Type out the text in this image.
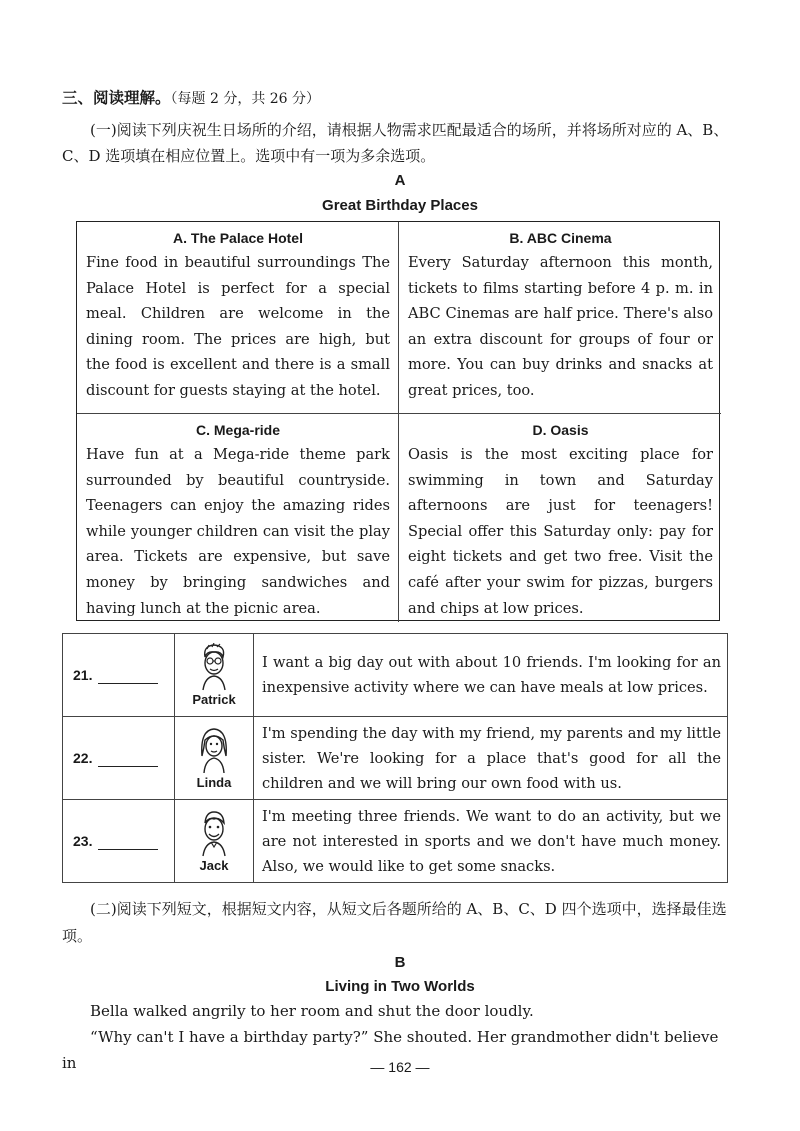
三、阅读理解。（每题 2 分，共 26 分）
(一)阅读下列庆祝生日场所的介绍，请根据人物需求匹配最适合的场所，并将场所对应的 A、B、C、D 选项填在相应位置上。选项中有一项为多余选项。
A
Great Birthday Places
A. The Palace Hotel

Fine food in beautiful surroundings The Palace Hotel is perfect for a special meal. Children are welcome in the dining room. The prices are high, but the food is excellent and there is a small discount for guests staying at the hotel.

B. ABC Cinema

Every Saturday afternoon this month, tickets to films starting before 4 p. m. in ABC Cinemas are half price. There's also an extra discount for groups of four or more. You can buy drinks and snacks at great prices, too.

C. Mega-ride

Have fun at a Mega-ride theme park surrounded by beautiful countryside. Teenagers can enjoy the amazing rides while younger children can visit the play area. Tickets are expensive, but save money by bringing sandwiches and having lunch at the picnic area.

D. Oasis

Oasis is the most exciting place for swimming in town and Saturday afternoons are just for teenagers! Special offer this Saturday only: pay for eight tickets and get two free. Visit the café after your swim for pizzas, burgers and chips at low prices.

21.	Patrick	I want a big day out with about 10 friends. I'm looking for an inexpensive activity where we can have meals at low prices.
22.	Linda	I'm spending the day with my friend, my parents and my little sister. We're looking for a place that's good for all the children and we will bring our own food with us.
23.	Jack	I'm meeting three friends. We want to do an activity, but we are not interested in sports and we don't have much money. Also, we would like to get some snacks.
(二)阅读下列短文，根据短文内容，从短文后各题所给的 A、B、C、D 四个选项中，选择最佳选项。
B
Living in Two Worlds

Bella walked angrily to her room and shut the door loudly.

“Why can't I have a birthday party?” She shouted. Her grandmother didn't believe in	— 162 —
